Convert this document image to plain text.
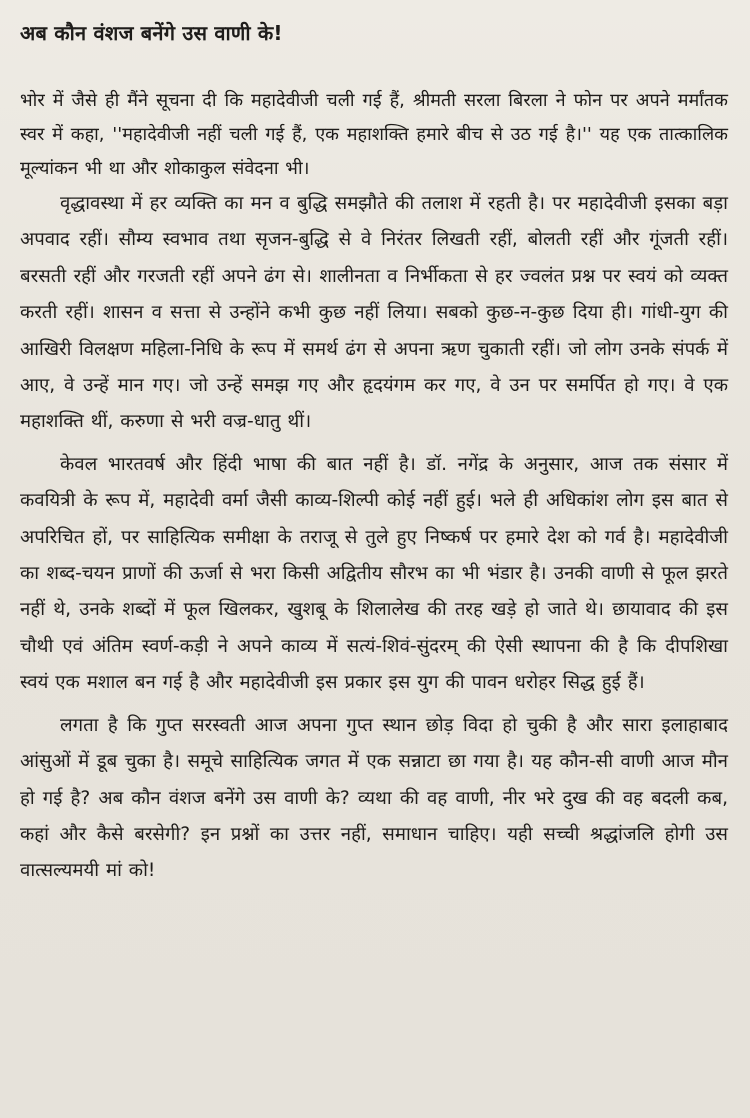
अब कौन वंशज बनेंगे उस वाणी के!

भोर में जैसे ही मैंने सूचना दी कि महादेवीजी चली गई हैं, श्रीमती सरला बिरला ने फोन पर अपने मर्मांतक स्वर में कहा, ''महादेवीजी नहीं चली गई हैं, एक महाशक्ति हमारे बीच से उठ गई है।'' यह एक तात्कालिक मूल्यांकन भी था और शोकाकुल संवेदना भी।

वृद्धावस्था में हर व्यक्ति का मन व बुद्धि समझौते की तलाश में रहती है। पर महादेवीजी इसका बड़ा अपवाद रहीं। सौम्य स्वभाव तथा सृजन-बुद्धि से वे निरंतर लिखती रहीं, बोलती रहीं और गूंजती रहीं। बरसती रहीं और गरजती रहीं अपने ढंग से। शालीनता व निर्भीकता से हर ज्वलंत प्रश्न पर स्वयं को व्यक्त करती रहीं। शासन व सत्ता से उन्होंने कभी कुछ नहीं लिया। सबको कुछ-न-कुछ दिया ही। गांधी-युग की आखिरी विलक्षण महिला-निधि के रूप में समर्थ ढंग से अपना ऋण चुकाती रहीं। जो लोग उनके संपर्क में आए, वे उन्हें मान गए। जो उन्हें समझ गए और हृदयंगम कर गए, वे उन पर समर्पित हो गए। वे एक महाशक्ति थीं, करुणा से भरी वज्र-धातु थीं।

केवल भारतवर्ष और हिंदी भाषा की बात नहीं है। डॉ. नगेंद्र के अनुसार, आज तक संसार में कवयित्री के रूप में, महादेवी वर्मा जैसी काव्य-शिल्पी कोई नहीं हुई। भले ही अधिकांश लोग इस बात से अपरिचित हों, पर साहित्यिक समीक्षा के तराजू से तुले हुए निष्कर्ष पर हमारे देश को गर्व है। महादेवीजी का शब्द-चयन प्राणों की ऊर्जा से भरा किसी अद्वितीय सौरभ का भी भंडार है। उनकी वाणी से फूल झरते नहीं थे, उनके शब्दों में फूल खिलकर, खुशबू के शिलालेख की तरह खड़े हो जाते थे। छायावाद की इस चौथी एवं अंतिम स्वर्ण-कड़ी ने अपने काव्य में सत्यं-शिवं-सुंदरम् की ऐसी स्थापना की है कि दीपशिखा स्वयं एक मशाल बन गई है और महादेवीजी इस प्रकार इस युग की पावन धरोहर सिद्ध हुई हैं।

लगता है कि गुप्त सरस्वती आज अपना गुप्त स्थान छोड़ विदा हो चुकी है और सारा इलाहाबाद आंसुओं में डूब चुका है। समूचे साहित्यिक जगत में एक सन्नाटा छा गया है। यह कौन-सी वाणी आज मौन हो गई है? अब कौन वंशज बनेंगे उस वाणी के? व्यथा की वह वाणी, नीर भरे दुख की वह बदली कब, कहां और कैसे बरसेगी? इन प्रश्नों का उत्तर नहीं, समाधान चाहिए। यही सच्ची श्रद्धांजलि होगी उस वात्सल्यमयी मां को!
